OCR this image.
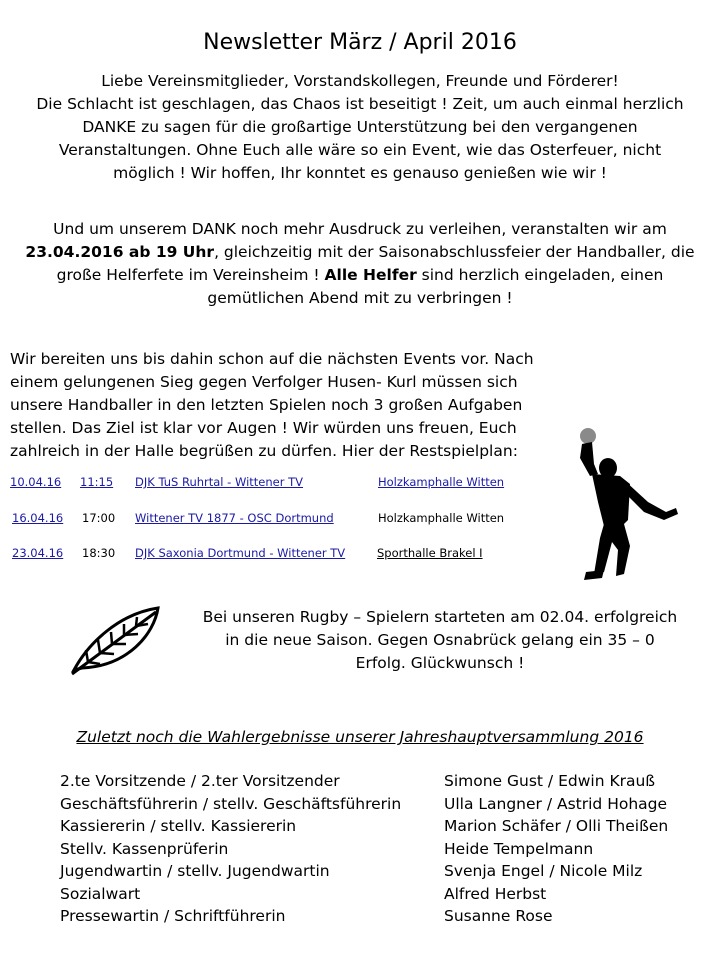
Newsletter März / April 2016
Liebe Vereinsmitglieder, Vorstandskollegen, Freunde und Förderer!
Die Schlacht ist geschlagen, das Chaos ist beseitigt ! Zeit, um auch einmal herzlich
DANKE zu sagen für die großartige Unterstützung bei den vergangenen
Veranstaltungen. Ohne Euch alle wäre so ein Event, wie das Osterfeuer, nicht
möglich ! Wir hoffen, Ihr konntet es genauso genießen wie wir !
Und um unserem DANK noch mehr Ausdruck zu verleihen, veranstalten wir am
23.04.2016 ab 19 Uhr, gleichzeitig mit der Saisonabschlussfeier der Handballer, die
große Helferfete im Vereinsheim ! Alle Helfer sind herzlich eingeladen, einen
gemütlichen Abend mit zu verbringen !
Wir bereiten uns bis dahin schon auf die nächsten Events vor. Nach
einem gelungenen Sieg gegen Verfolger Husen- Kurl müssen sich
unsere Handballer in den letzten Spielen noch 3 großen Aufgaben
stellen. Das Ziel ist klar vor Augen ! Wir würden uns freuen, Euch
zahlreich in der Halle begrüßen zu dürfen. Hier der Restspielplan:
10.04.16 11:15 DJK TuS Ruhrtal - Wittener TV	Holzkamphalle Witten
16.04.16 17:00 Wittener TV 1877 - OSC Dortmund	Holzkamphalle Witten
23.04.16 18:30 DJK Saxonia Dortmund - Wittener TV	Sporthalle Brakel I
Bei unseren Rugby – Spielern starteten am 02.04. erfolgreich
in die neue Saison. Gegen Osnabrück gelang ein 35 – 0
Erfolg. Glückwunsch !
Zuletzt noch die Wahlergebnisse unserer Jahreshauptversammlung 2016
2.te Vorsitzende / 2.ter Vorsitzender	Simone Gust / Edwin Krauß
Geschäftsführerin / stellv. Geschäftsführerin	Ulla Langner / Astrid Hohage
Kassiererin / stellv. Kassiererin	Marion Schäfer / Olli Theißen
Stellv. Kassenprüferin	Heide Tempelmann
Jugendwartin / stellv. Jugendwartin	Svenja Engel / Nicole Milz
Sozialwart	Alfred Herbst
Pressewartin / Schriftführerin	Susanne Rose
